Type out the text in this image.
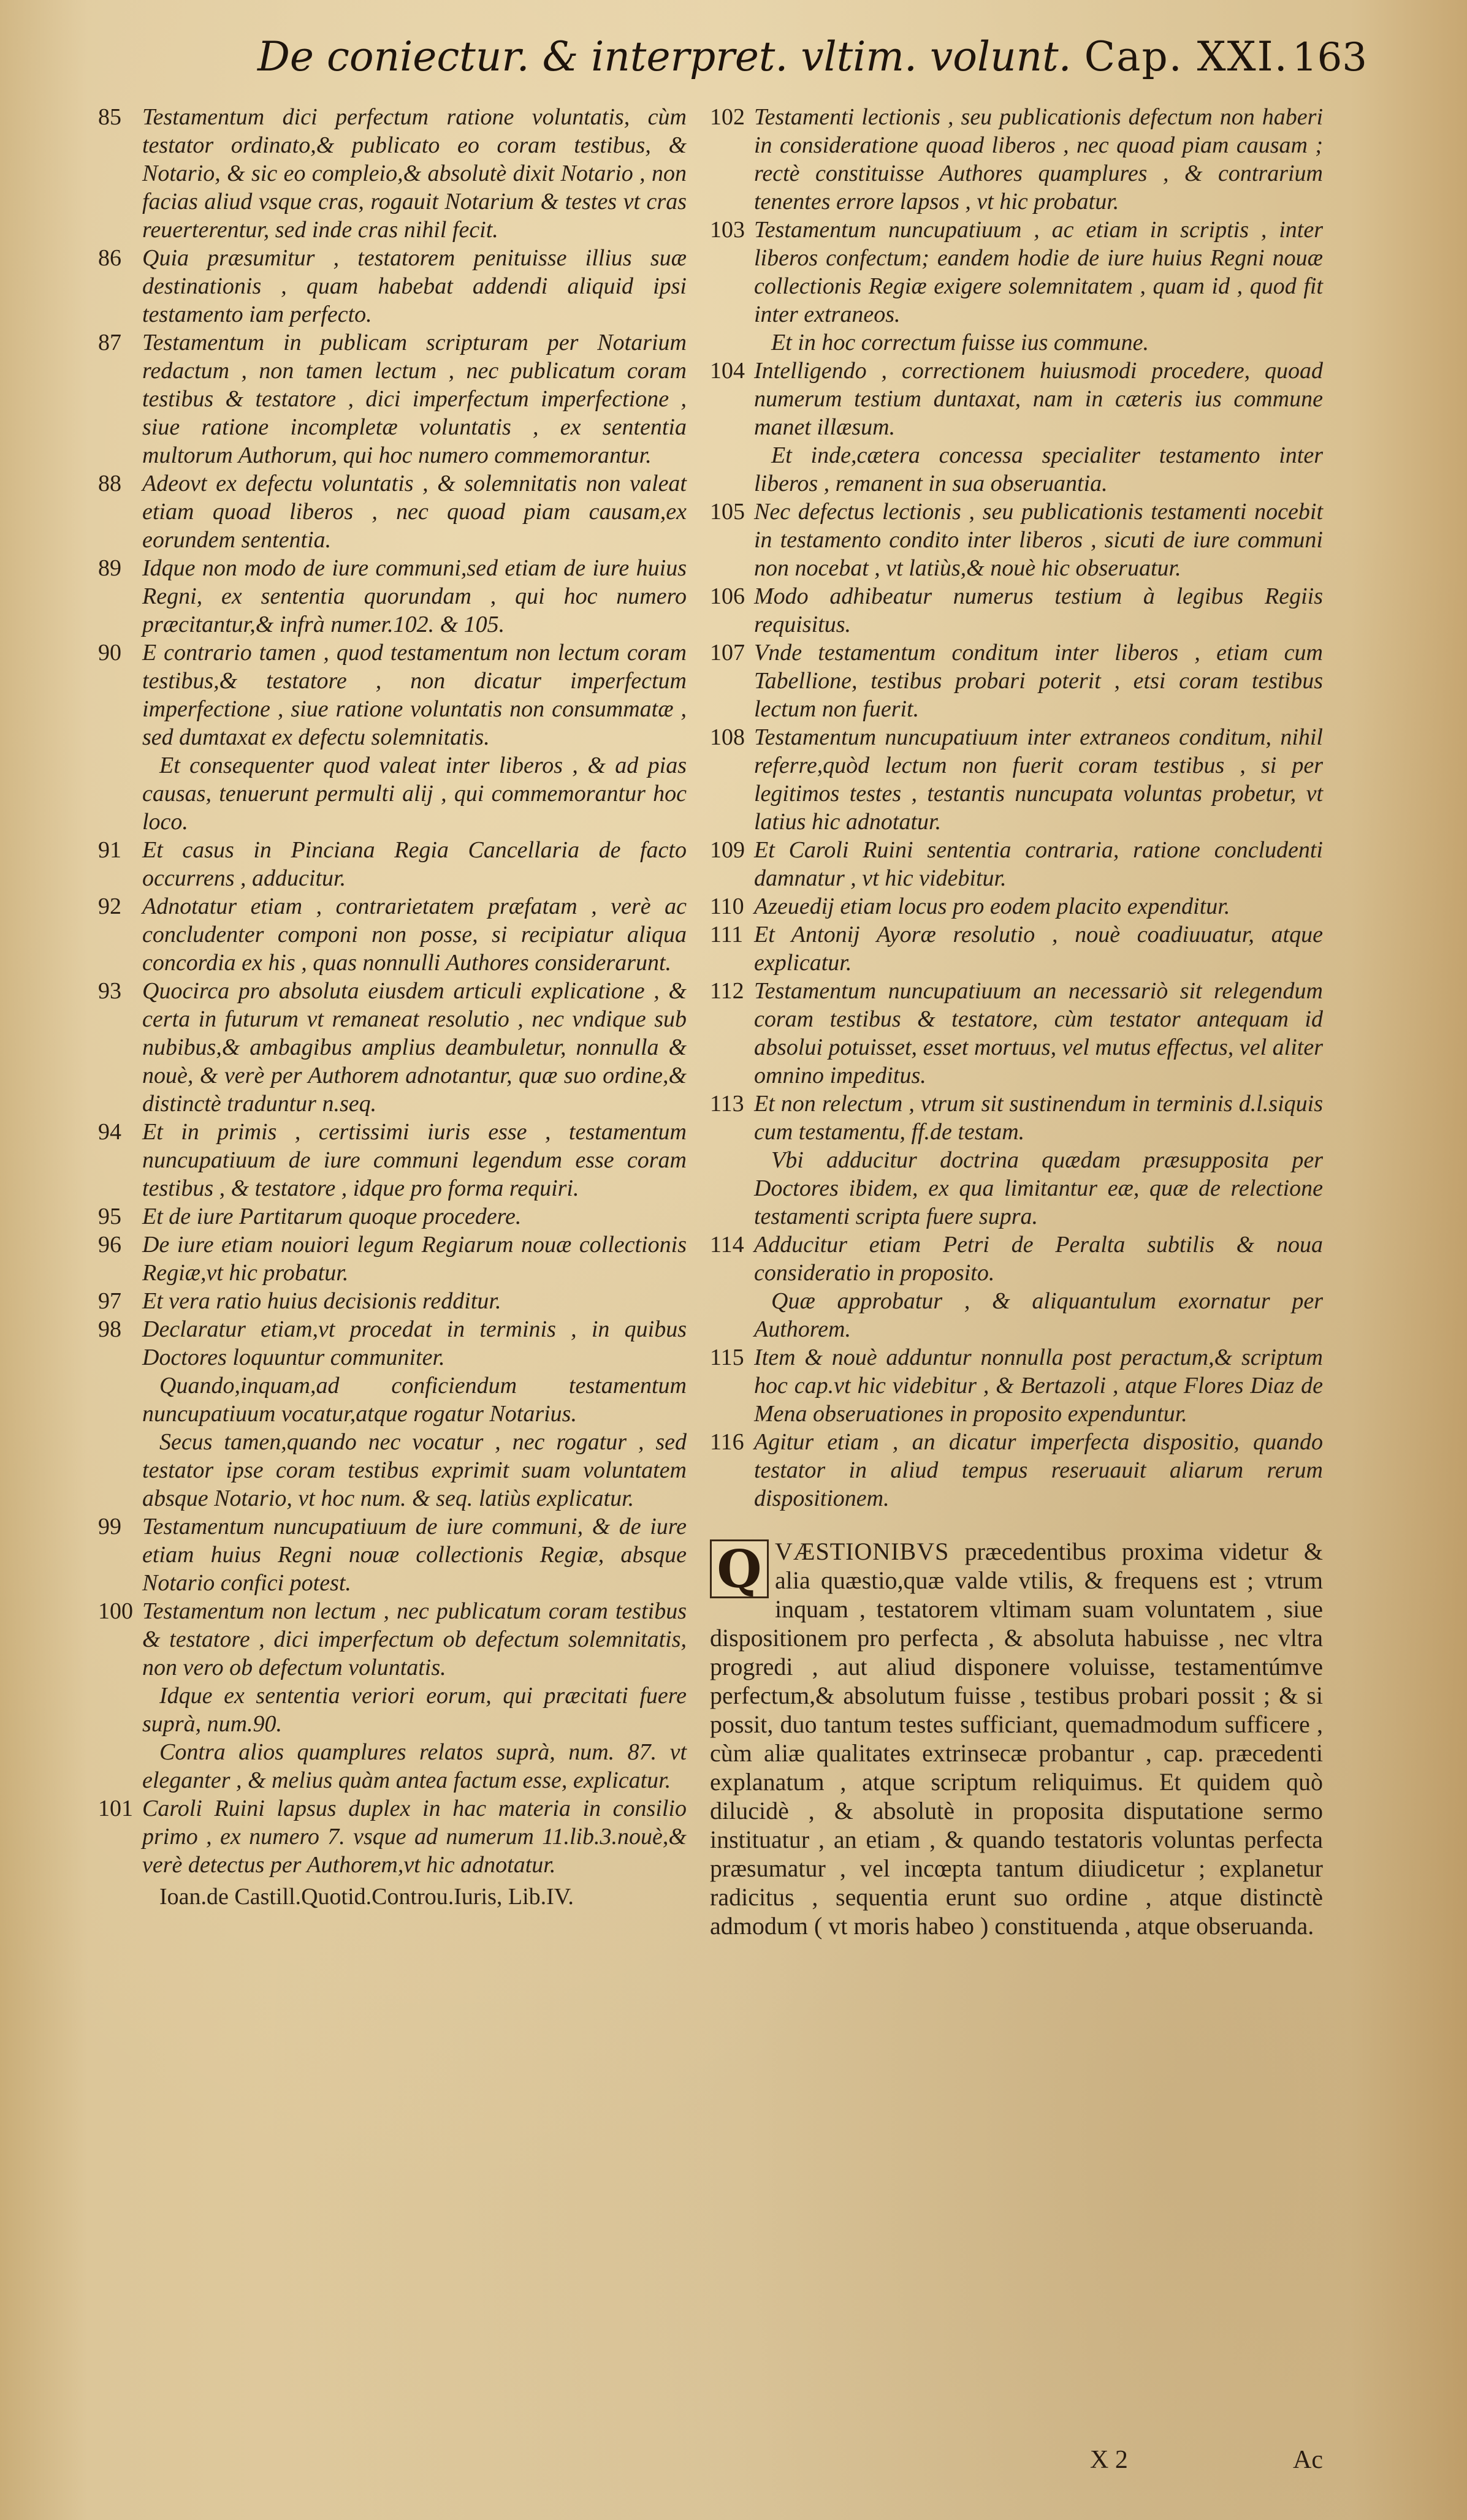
De coniectur. & interpret. vltim. volunt. Cap. XXI. 163
85 Testamentum dici perfectum ratione voluntatis, cùm testator ordinato,& publicato eo coram testibus, & Notario, & sic eo compleio,& absolutè dixit Notario , non facias aliud vsque cras, rogauit Notarium & testes vt cras reuerterentur, sed inde cras nihil fecit.
86 Quia præsumitur , testatorem penituisse illius suæ destinationis , quam habebat addendi aliquid ipsi testamento iam perfecto.
87 Testamentum in publicam scripturam per Notarium redactum , non tamen lectum , nec publicatum coram testibus & testatore , dici imperfectum imperfectione , siue ratione incompletæ voluntatis , ex sententia multorum Authorum, qui hoc numero commemorantur.
88 Adeovt ex defectu voluntatis , & solemnitatis non valeat etiam quoad liberos , nec quoad piam causam,ex eorundem sententia.
89 Idque non modo de iure communi,sed etiam de iure huius Regni, ex sententia quorundam , qui hoc numero præcitantur,& infrà numer.102. & 105.
90 E contrario tamen , quod testamentum non lectum coram testibus,& testatore , non dicatur imperfectum imperfectione , siue ratione voluntatis non consummatæ , sed dumtaxat ex defectu solemnitatis.
Et consequenter quod valeat inter liberos , & ad pias causas, tenuerunt permulti alij , qui commemorantur hoc loco.
91 Et casus in Pinciana Regia Cancellaria de facto occurrens , adducitur.
92 Adnotatur etiam , contrarietatem præfatam , verè ac concludenter componi non posse, si recipiatur aliqua concordia ex his , quas nonnulli Authores considerarunt.
93 Quocirca pro absoluta eiusdem articuli explicatione , & certa in futurum vt remaneat resolutio , nec vndique sub nubibus,& ambagibus amplius deambuletur, nonnulla & nouè, & verè per Authorem adnotantur, quæ suo ordine,& distinctè traduntur n.seq.
94 Et in primis , certissimi iuris esse , testamentum nuncupatiuum de iure communi legendum esse coram testibus , & testatore , idque pro forma requiri.
95 Et de iure Partitarum quoque procedere.
96 De iure etiam nouiori legum Regiarum nouæ collectionis Regiæ,vt hic probatur.
97 Et vera ratio huius decisionis redditur.
98 Declaratur etiam,vt procedat in terminis , in quibus Doctores loquuntur communiter.
Quando,inquam,ad conficiendum testamentum nuncupatiuum vocatur,atque rogatur Notarius.
Secus tamen,quando nec vocatur , nec rogatur , sed testator ipse coram testibus exprimit suam voluntatem absque Notario, vt hoc num. & seq. latiùs explicatur.
99 Testamentum nuncupatiuum de iure communi, & de iure etiam huius Regni nouæ collectionis Regiæ, absque Notario confici potest.
100 Testamentum non lectum , nec publicatum coram testibus & testatore , dici imperfectum ob defectum solemnitatis, non vero ob defectum voluntatis.
Idque ex sententia veriori eorum, qui præcitati fuere suprà, num.90.
Contra alios quamplures relatos suprà, num. 87. vt eleganter , & melius quàm antea factum esse, explicatur.
101 Caroli Ruini lapsus duplex in hac materia in consilio primo , ex numero 7. vsque ad numerum 11.lib.3.nouè,& verè detectus per Authorem,vt hic adnotatur.
Ioan.de Castill.Quotid.Controu.Iuris, Lib.IV.
102 Testamenti lectionis , seu publicationis defectum non haberi in consideratione quoad liberos , nec quoad piam causam ; rectè constituisse Authores quamplures , & contrarium tenentes errore lapsos , vt hic probatur.
103 Testamentum nuncupatiuum , ac etiam in scriptis , inter liberos confectum; eandem hodie de iure huius Regni nouæ collectionis Regiæ exigere solemnitatem , quam id , quod fit inter extraneos.
Et in hoc correctum fuisse ius commune.
104 Intelligendo , correctionem huiusmodi procedere, quoad numerum testium duntaxat, nam in cæteris ius commune manet illæsum.
Et inde,cætera concessa specialiter testamento inter liberos , remanent in sua obseruantia.
105 Nec defectus lectionis , seu publicationis testamenti nocebit in testamento condito inter liberos , sicuti de iure communi non nocebat , vt latiùs,& nouè hic obseruatur.
106 Modo adhibeatur numerus testium à legibus Regiis requisitus.
107 Vnde testamentum conditum inter liberos , etiam cum Tabellione, testibus probari poterit , etsi coram testibus lectum non fuerit.
108 Testamentum nuncupatiuum inter extraneos conditum, nihil referre,quòd lectum non fuerit coram testibus , si per legitimos testes , testantis nuncupata voluntas probetur, vt latius hic adnotatur.
109 Et Caroli Ruini sententia contraria, ratione concludenti damnatur , vt hic videbitur.
110 Azeuedij etiam locus pro eodem placito expenditur.
111 Et Antonij Ayoræ resolutio , nouè coadiuuatur, atque explicatur.
112 Testamentum nuncupatiuum an necessariò sit relegendum coram testibus & testatore, cùm testator antequam id absolui potuisset, esset mortuus, vel mutus effectus, vel aliter omnino impeditus.
113 Et non relectum , vtrum sit sustinendum in terminis d.l.siquis cum testamentu, ff.de testam.
Vbi adducitur doctrina quædam præsupposita per Doctores ibidem, ex qua limitantur eæ, quæ de relectione testamenti scripta fuere supra.
114 Adducitur etiam Petri de Peralta subtilis & noua consideratio in proposito.
Quæ approbatur , & aliquantulum exornatur per Authorem.
115 Item & nouè adduntur nonnulla post peractum,& scriptum hoc cap.vt hic videbitur , & Bertazoli , atque Flores Diaz de Mena obseruationes in proposito expenduntur.
116 Agitur etiam , an dicatur imperfecta dispositio, quando testator in aliud tempus reseruauit aliarum rerum dispositionem.
Q VÆSTIONIBVS præcedentibus proxima videtur & alia quæstio,quæ valde vtilis, & frequens est ; vtrum inquam , testatorem vltimam suam voluntatem , siue dispositionem pro perfecta , & absoluta habuisse , nec vltra progredi , aut aliud disponere voluisse, testamentúmve perfectum,& absolutum fuisse , testibus probari possit ; & si possit, duo tantum testes sufficiant, quemadmodum sufficere , cùm aliæ qualitates extrinsecæ probantur , cap. præcedenti explanatum , atque scriptum reliquimus. Et quidem quò dilucidè , & absolutè in proposita disputatione sermo instituatur , an etiam , & quando testatoris voluntas perfecta præsumatur , vel incœpta tantum diiudicetur ; explanetur radicitus , sequentia erunt suo ordine , atque distinctè admodum ( vt moris habeo ) constituenda , atque obseruanda.
X 2	Ac
